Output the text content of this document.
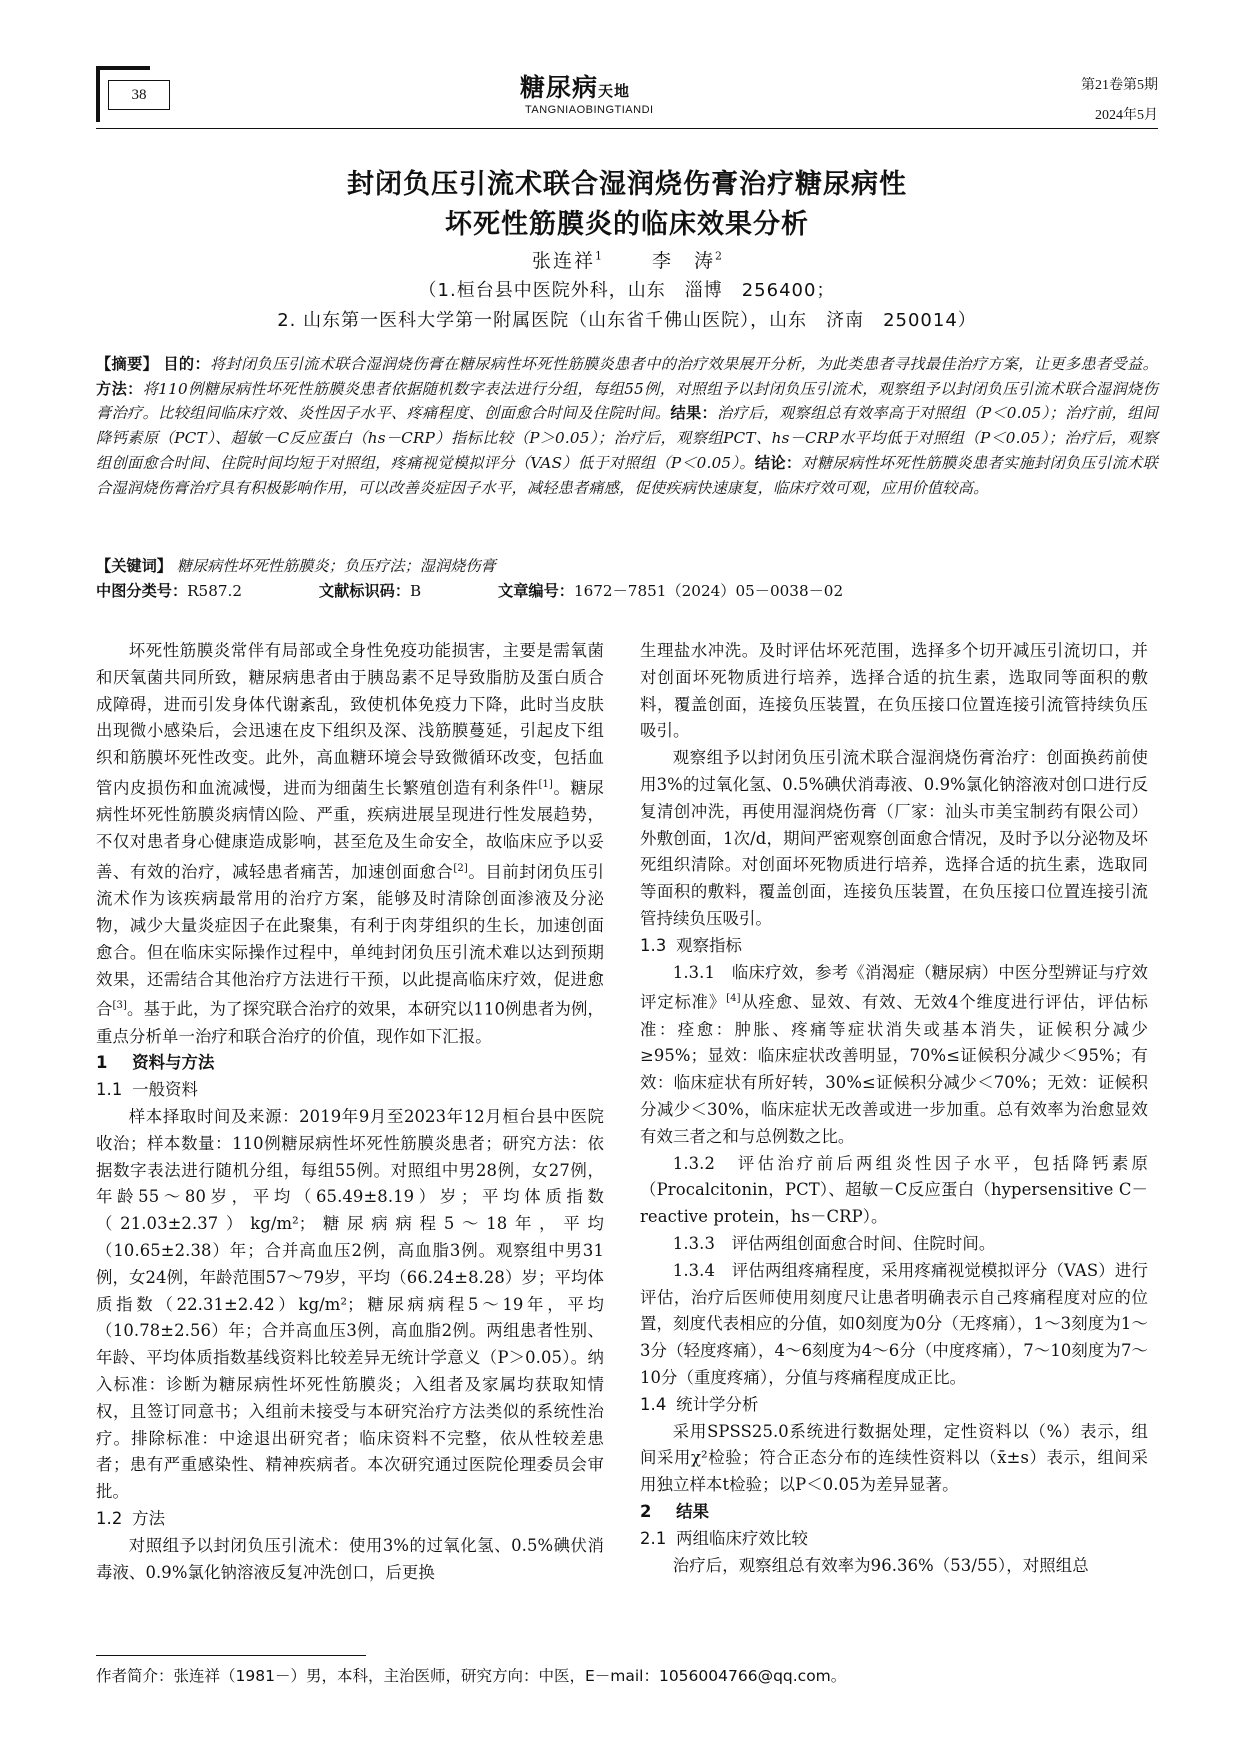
38	糖尿病天地
TANGNIAOBINGTIANDI
第21卷第5期
2024年5月
封闭负压引流术联合湿润烧伤膏治疗糖尿病性
坏死性筋膜炎的临床效果分析
张连祥$^1$　　	李　涛$^2$
（1.桓台县中医院外科，山东　淄博　256400；
2. 山东第一医科大学第一附属医院（山东省千佛山医院），山东　济南　250014）
【摘要】 目的：将封闭负压引流术联合湿润烧伤膏在糖尿病性坏死性筋膜炎患者中的治疗效果展开分析，为此类患者寻找最佳治疗方案，让更多患者受益。方法：将110例糖尿病性坏死性筋膜炎患者依据随机数字表法进行分组，每组55例，对照组予以封闭负压引流术，观察组予以封闭负压引流术联合湿润烧伤膏治疗。比较组间临床疗效、炎性因子水平、疼痛程度、创面愈合时间及住院时间。结果：治疗后，观察组总有效率高于对照组（P＜0.05）；治疗前，组间降钙素原（PCT）、超敏－C反应蛋白（hs－CRP）指标比较（P＞0.05）；治疗后，观察组PCT、hs－CRP水平均低于对照组（P＜0.05）；治疗后，观察组创面愈合时间、住院时间均短于对照组，疼痛视觉模拟评分（VAS）低于对照组（P＜0.05）。结论：对糖尿病性坏死性筋膜炎患者实施封闭负压引流术联合湿润烧伤膏治疗具有积极影响作用，可以改善炎症因子水平，减轻患者痛感，促使疾病快速康复，临床疗效可观，应用价值较高。
【关键词】 糖尿病性坏死性筋膜炎；负压疗法；湿润烧伤膏
中图分类号：R587.2	文献标识码：B	文章编号：1672－7851（2024）05－0038－02

坏死性筋膜炎常伴有局部或全身性免疫功能损害，主要是需氧菌和厌氧菌共同所致，糖尿病患者由于胰岛素不足导致脂肪及蛋白质合成障碍，进而引发身体代谢紊乱，致使机体免疫力下降，此时当皮肤出现微小感染后，会迅速在皮下组织及深、浅筋膜蔓延，引起皮下组织和筋膜坏死性改变。此外，高血糖环境会导致微循环改变，包括血管内皮损伤和血流减慢，进而为细菌生长繁殖创造有利条件[1]。糖尿病性坏死性筋膜炎病情凶险、严重，疾病进展呈现进行性发展趋势，不仅对患者身心健康造成影响，甚至危及生命安全，故临床应予以妥善、有效的治疗，减轻患者痛苦，加速创面愈合[2]。目前封闭负压引流术作为该疾病最常用的治疗方案，能够及时清除创面渗液及分泌物，减少大量炎症因子在此聚集，有利于肉芽组织的生长，加速创面愈合。但在临床实际操作过程中，单纯封闭负压引流术难以达到预期效果，还需结合其他治疗方法进行干预，以此提高临床疗效，促进愈合[3]。基于此，为了探究联合治疗的效果，本研究以110例患者为例，重点分析单一治疗和联合治疗的价值，现作如下汇报。

1 资料与方法

1.1 一般资料

样本择取时间及来源：2019年9月至2023年12月桓台县中医院收治；样本数量：110例糖尿病性坏死性筋膜炎患者；研究方法：依据数字表法进行随机分组，每组55例。对照组中男28例，女27例，年龄55～80岁，平均（65.49±8.19）岁；平均体质指数（21.03±2.37）kg/m²；糖尿病病程5～18年，平均（10.65±2.38）年；合并高血压2例，高血脂3例。观察组中男31例，女24例，年龄范围57～79岁，平均（66.24±8.28）岁；平均体质指数（22.31±2.42）kg/m²；糖尿病病程5～19年，平均（10.78±2.56）年；合并高血压3例，高血脂2例。两组患者性别、年龄、平均体质指数基线资料比较差异无统计学意义（P＞0.05）。纳入标准：诊断为糖尿病性坏死性筋膜炎；入组者及家属均获取知情权，且签订同意书；入组前未接受与本研究治疗方法类似的系统性治疗。排除标准：中途退出研究者；临床资料不完整，依从性较差患者；患有严重感染性、精神疾病者。本次研究通过医院伦理委员会审批。

1.2 方法

对照组予以封闭负压引流术：使用3%的过氧化氢、0.5%碘伏消毒液、0.9%氯化钠溶液反复冲洗创口，后更换

生理盐水冲洗。及时评估坏死范围，选择多个切开减压引流切口，并对创面坏死物质进行培养，选择合适的抗生素，选取同等面积的敷料，覆盖创面，连接负压装置，在负压接口位置连接引流管持续负压吸引。

观察组予以封闭负压引流术联合湿润烧伤膏治疗：创面换药前使用3%的过氧化氢、0.5%碘伏消毒液、0.9%氯化钠溶液对创口进行反复清创冲洗，再使用湿润烧伤膏（厂家：汕头市美宝制药有限公司）外敷创面，1次/d，期间严密观察创面愈合情况，及时予以分泌物及坏死组织清除。对创面坏死物质进行培养，选择合适的抗生素，选取同等面积的敷料，覆盖创面，连接负压装置，在负压接口位置连接引流管持续负压吸引。

1.3 观察指标

1.3.1　临床疗效，参考《消渴症（糖尿病）中医分型辨证与疗效评定标准》[4]从痊愈、显效、有效、无效4个维度进行评估，评估标准：痊愈：肿胀、疼痛等症状消失或基本消失，证候积分减少≥95%；显效：临床症状改善明显，70%≤证候积分减少＜95%；有效：临床症状有所好转，30%≤证候积分减少＜70%；无效：证候积分减少＜30%，临床症状无改善或进一步加重。总有效率为治愈显效有效三者之和与总例数之比。

1.3.2　评估治疗前后两组炎性因子水平，包括降钙素原（Procalcitonin，PCT）、超敏－C反应蛋白（hypersensitive C－reactive protein，hs－CRP）。

1.3.3　评估两组创面愈合时间、住院时间。

1.3.4　评估两组疼痛程度，采用疼痛视觉模拟评分（VAS）进行评估，治疗后医师使用刻度尺让患者明确表示自己疼痛程度对应的位置，刻度代表相应的分值，如0刻度为0分（无疼痛），1～3刻度为1～3分（轻度疼痛），4～6刻度为4～6分（中度疼痛），7～10刻度为7～10分（重度疼痛），分值与疼痛程度成正比。

1.4 统计学分析

采用SPSS25.0系统进行数据处理，定性资料以（%）表示，组间采用χ²检验；符合正态分布的连续性资料以（x̄±s）表示，组间采用独立样本t检验；以P＜0.05为差异显著。

2 结果

2.1 两组临床疗效比较

治疗后，观察组总有效率为96.36%（53/55），对照组总

作者简介：张连祥（1981－）男，本科，主治医师，研究方向：中医，E－mail：1056004766@qq.com。
